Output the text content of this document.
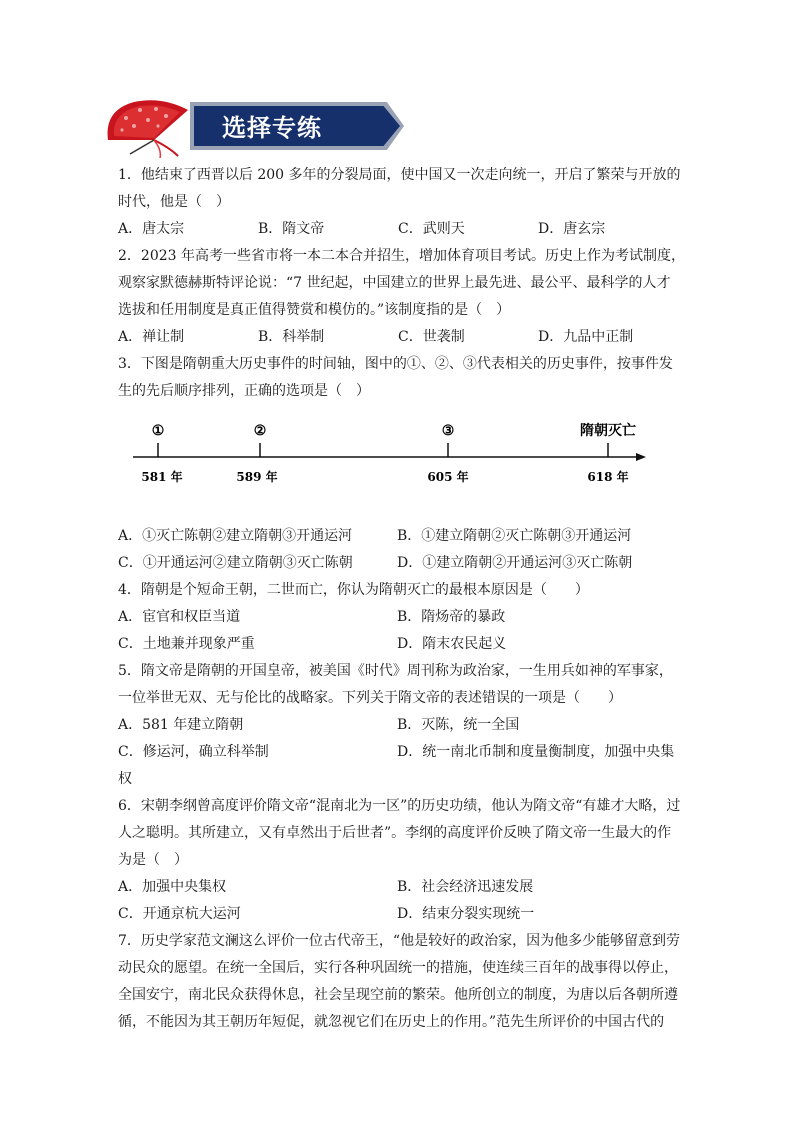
选择专练
1．他结束了西晋以后 200 多年的分裂局面，使中国又一次走向统一，开启了繁荣与开放的
时代，他是（　）
A．唐太宗	B．隋文帝	C．武则天	D．唐玄宗
2．2023 年高考一些省市将一本二本合并招生，增加体育项目考试。历史上作为考试制度，
观察家默德赫斯特评论说：“7 世纪起，中国建立的世界上最先进、最公平、最科学的人才
选拔和任用制度是真正值得赞赏和模仿的。”该制度指的是（　）
A．禅让制	B．科举制	C．世袭制	D．九品中正制
3．下图是隋朝重大历史事件的时间轴，图中的①、②、③代表相关的历史事件，按事件发
生的先后顺序排列，正确的选项是（　）
①	②	③	隋朝灭亡
581 年	589 年	605 年	618 年
A．①灭亡陈朝②建立隋朝③开通运河	B．①建立隋朝②灭亡陈朝③开通运河
C．①开通运河②建立隋朝③灭亡陈朝	D．①建立隋朝②开通运河③灭亡陈朝
4．隋朝是个短命王朝，二世而亡，你认为隋朝灭亡的最根本原因是（　　）
A．宦官和权臣当道	B．隋炀帝的暴政
C．土地兼并现象严重	D．隋末农民起义
5．隋文帝是隋朝的开国皇帝，被美国《时代》周刊称为政治家，一生用兵如神的军事家，
一位举世无双、无与伦比的战略家。下列关于隋文帝的表述错误的一项是（　　）
A．581 年建立隋朝	B．灭陈，统一全国
C．修运河，确立科举制	D．统一南北币制和度量衡制度，加强中央集
权
6．宋朝李纲曾高度评价隋文帝“混南北为一区”的历史功绩，他认为隋文帝“有雄才大略，过
人之聪明。其所建立，又有卓然出于后世者”。李纲的高度评价反映了隋文帝一生最大的作
为是（　）
A．加强中央集权	B．社会经济迅速发展
C．开通京杭大运河	D．结束分裂实现统一
7．历史学家范文澜这么评价一位古代帝王，“他是较好的政治家，因为他多少能够留意到劳
动民众的愿望。在统一全国后，实行各种巩固统一的措施，使连续三百年的战事得以停止，
全国安宁，南北民众获得休息，社会呈现空前的繁荣。他所创立的制度，为唐以后各朝所遵
循，不能因为其王朝历年短促，就忽视它们在历史上的作用。”范先生所评价的中国古代的
